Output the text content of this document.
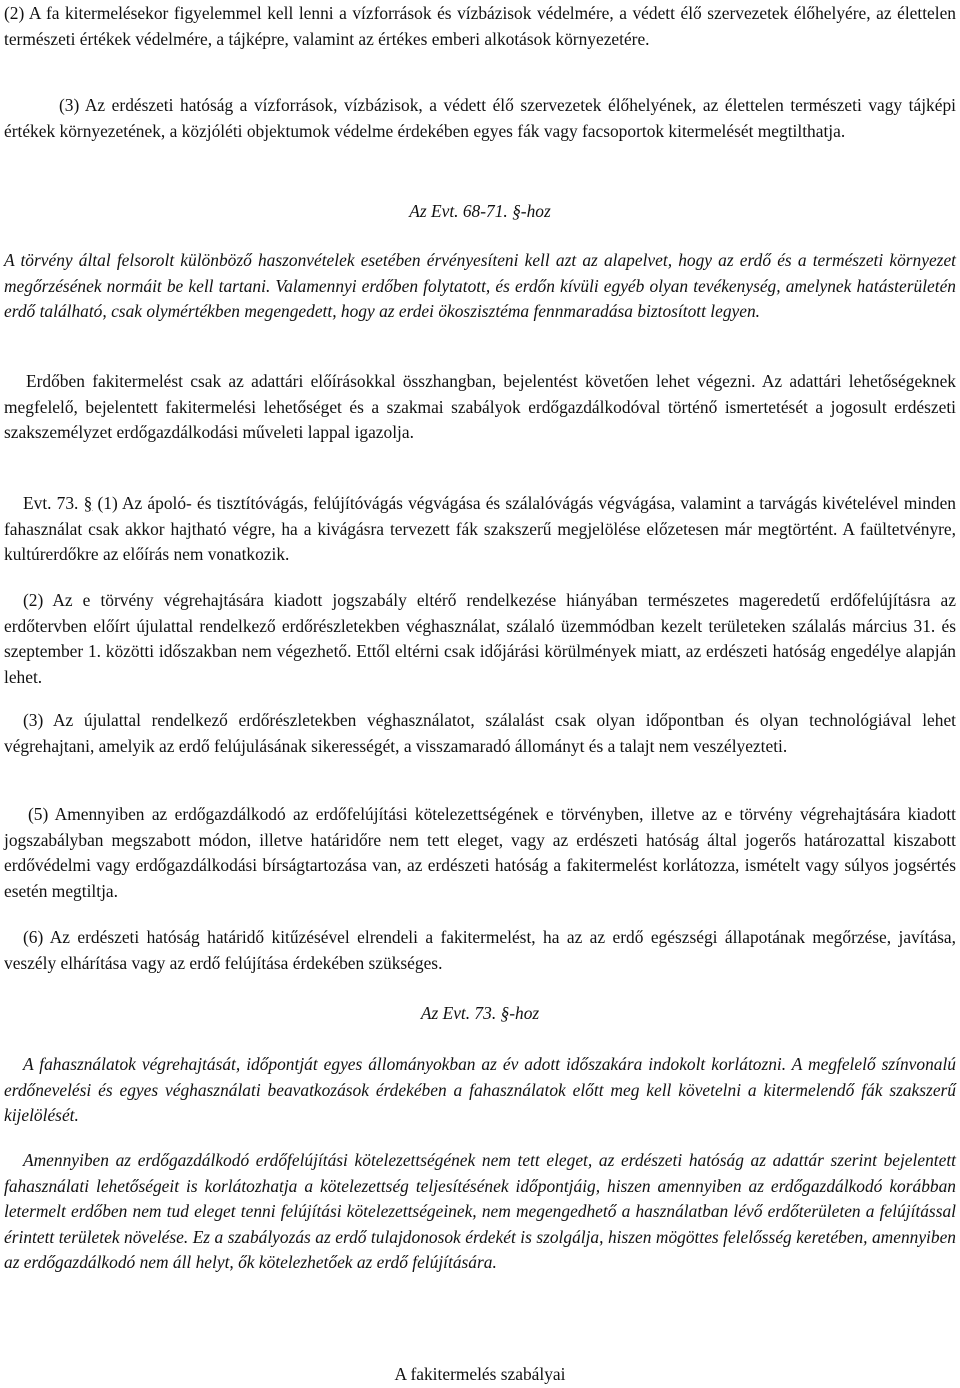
(2) A fa kitermelésekor figyelemmel kell lenni a vízforrások és vízbázisok védelmére, a védett élő szervezetek élőhelyére, az élettelen természeti értékek védelmére, a tájképre, valamint az értékes emberi alkotások környezetére.

(3) Az erdészeti hatóság a vízforrások, vízbázisok, a védett élő szervezetek élőhelyének, az élettelen természeti vagy tájképi értékek környezetének, a közjóléti objektumok védelme érdekében egyes fák vagy facsoportok kitermelését megtilthatja.

Az Evt. 68-71. §-hoz

A törvény által felsorolt különböző haszonvételek esetében érvényesíteni kell azt az alapelvet, hogy az erdő és a természeti környezet megőrzésének normáit be kell tartani. Valamennyi erdőben folytatott, és erdőn kívüli egyéb olyan tevékenység, amelynek hatásterületén erdő található, csak olymértékben megengedett, hogy az erdei ökoszisztéma fennmaradása biztosított legyen.

Erdőben fakitermelést csak az adattári előírásokkal összhangban, bejelentést követően lehet végezni. Az adattári lehetőségeknek megfelelő, bejelentett fakitermelési lehetőséget és a szakmai szabályok erdőgazdálkodóval történő ismertetését a jogosult erdészeti szakszemélyzet erdőgazdálkodási műveleti lappal igazolja.

Evt. 73. § (1) Az ápoló- és tisztítóvágás, felújítóvágás végvágása és szálalóvágás végvágása, valamint a tarvágás kivételével minden fahasználat csak akkor hajtható végre, ha a kivágásra tervezett fák szakszerű megjelölése előzetesen már megtörtént. A faültetvényre, kultúrerdőkre az előírás nem vonatkozik.

(2) Az e törvény végrehajtására kiadott jogszabály eltérő rendelkezése hiányában természetes mageredetű erdőfelújításra az erdőtervben előírt újulattal rendelkező erdőrészletekben véghasználat, szálaló üzemmódban kezelt területeken szálalás március 31. és szeptember 1. közötti időszakban nem végezhető. Ettől eltérni csak időjárási körülmények miatt, az erdészeti hatóság engedélye alapján lehet.

(3) Az újulattal rendelkező erdőrészletekben véghasználatot, szálalást csak olyan időpontban és olyan technológiával lehet végrehajtani, amelyik az erdő felújulásának sikerességét, a visszamaradó állományt és a talajt nem veszélyezteti.

(5) Amennyiben az erdőgazdálkodó az erdőfelújítási kötelezettségének e törvényben, illetve az e törvény végrehajtására kiadott jogszabályban megszabott módon, illetve határidőre nem tett eleget, vagy az erdészeti hatóság által jogerős határozattal kiszabott erdővédelmi vagy erdőgazdálkodási bírságtartozása van, az erdészeti hatóság a fakitermelést korlátozza, ismételt vagy súlyos jogsértés esetén megtiltja.

(6) Az erdészeti hatóság határidő kitűzésével elrendeli a fakitermelést, ha az az erdő egészségi állapotának megőrzése, javítása, veszély elhárítása vagy az erdő felújítása érdekében szükséges.

Az Evt. 73. §-hoz

A fahasználatok végrehajtását, időpontját egyes állományokban az év adott időszakára indokolt korlátozni. A megfelelő színvonalú erdőnevelési és egyes véghasználati beavatkozások érdekében a fahasználatok előtt meg kell követelni a kitermelendő fák szakszerű kijelölését.

Amennyiben az erdőgazdálkodó erdőfelújítási kötelezettségének nem tett eleget, az erdészeti hatóság az adattár szerint bejelentett fahasználati lehetőségeit is korlátozhatja a kötelezettség teljesítésének időpontjáig, hiszen amennyiben az erdőgazdálkodó korábban letermelt erdőben nem tud eleget tenni felújítási kötelezettségeinek, nem megengedhető a használatban lévő erdőterületen a felújítással érintett területek növelése. Ez a szabályozás az erdő tulajdonosok érdekét is szolgálja, hiszen mögöttes felelősség keretében, amennyiben az erdőgazdálkodó nem áll helyt, ők kötelezhetőek az erdő felújítására.

A fakitermelés szabályai
